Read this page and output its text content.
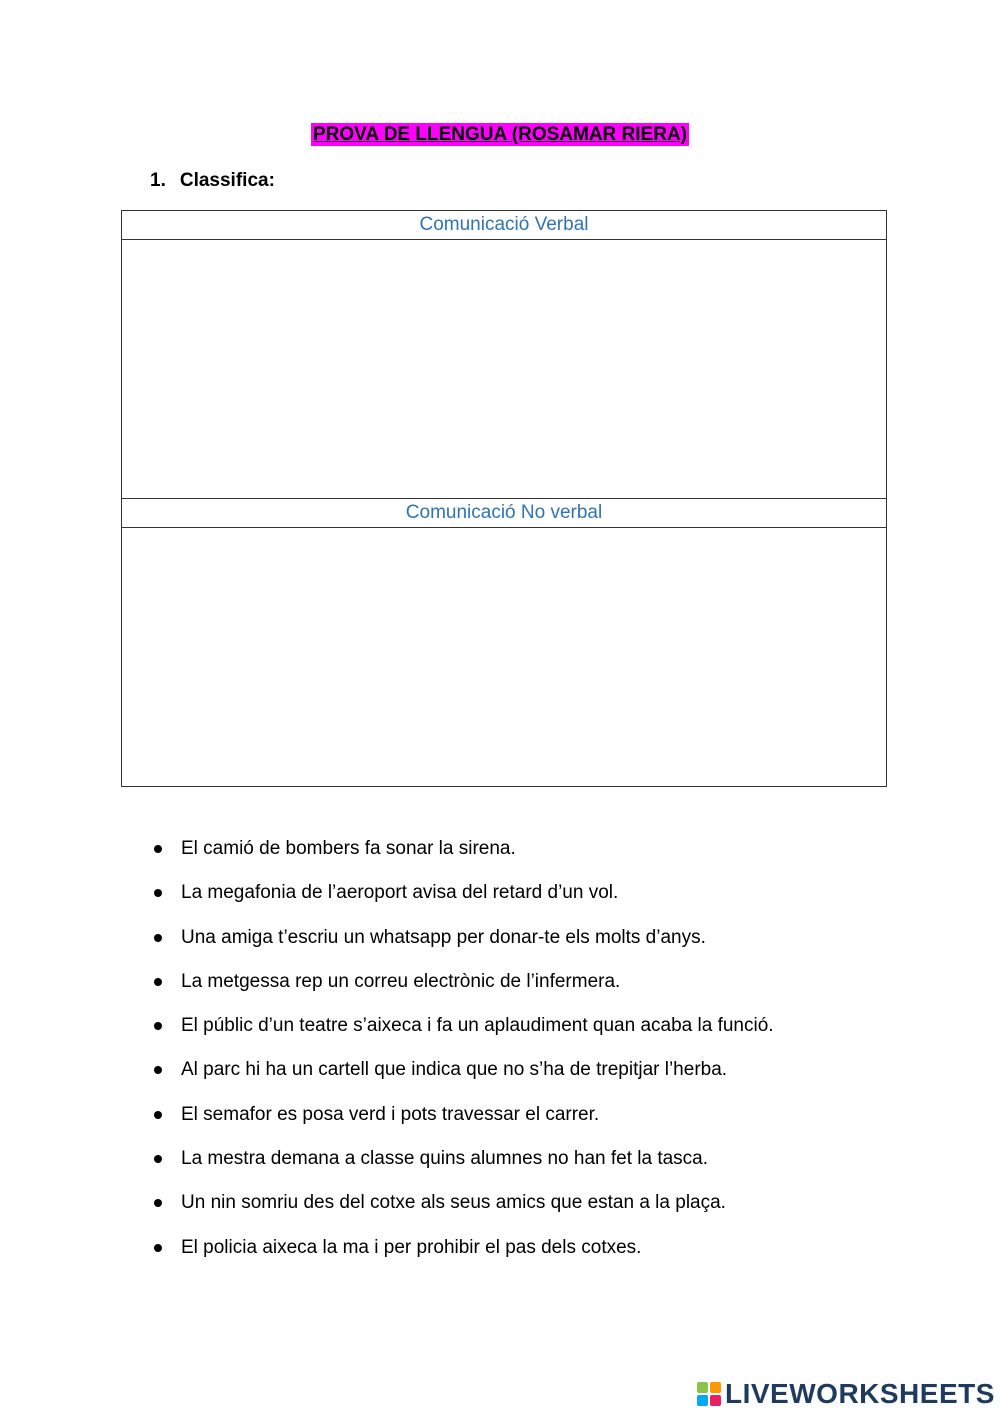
PROVA DE LLENGUA (ROSAMAR RIERA)
1. Classifica:
Comunicació Verbal
Comunicació No verbal
El camió de bombers fa sonar la sirena.
La megafonia de l’aeroport avisa del retard d’un vol.
Una amiga t’escriu un whatsapp per donar-te els molts d’anys.
La metgessa rep un correu electrònic de l’infermera.
El públic d’un teatre s’aixeca i fa un aplaudiment quan acaba la funció.
Al parc hi ha un cartell que indica que no s’ha de trepitjar l’herba.
El semafor es posa verd i pots travessar el carrer.
La mestra demana a classe quins alumnes no han fet la tasca.
Un nin somriu des del cotxe als seus amics que estan a la plaça.
El policia aixeca la ma i per prohibir el pas dels cotxes.
LIVEWORKSHEETS
